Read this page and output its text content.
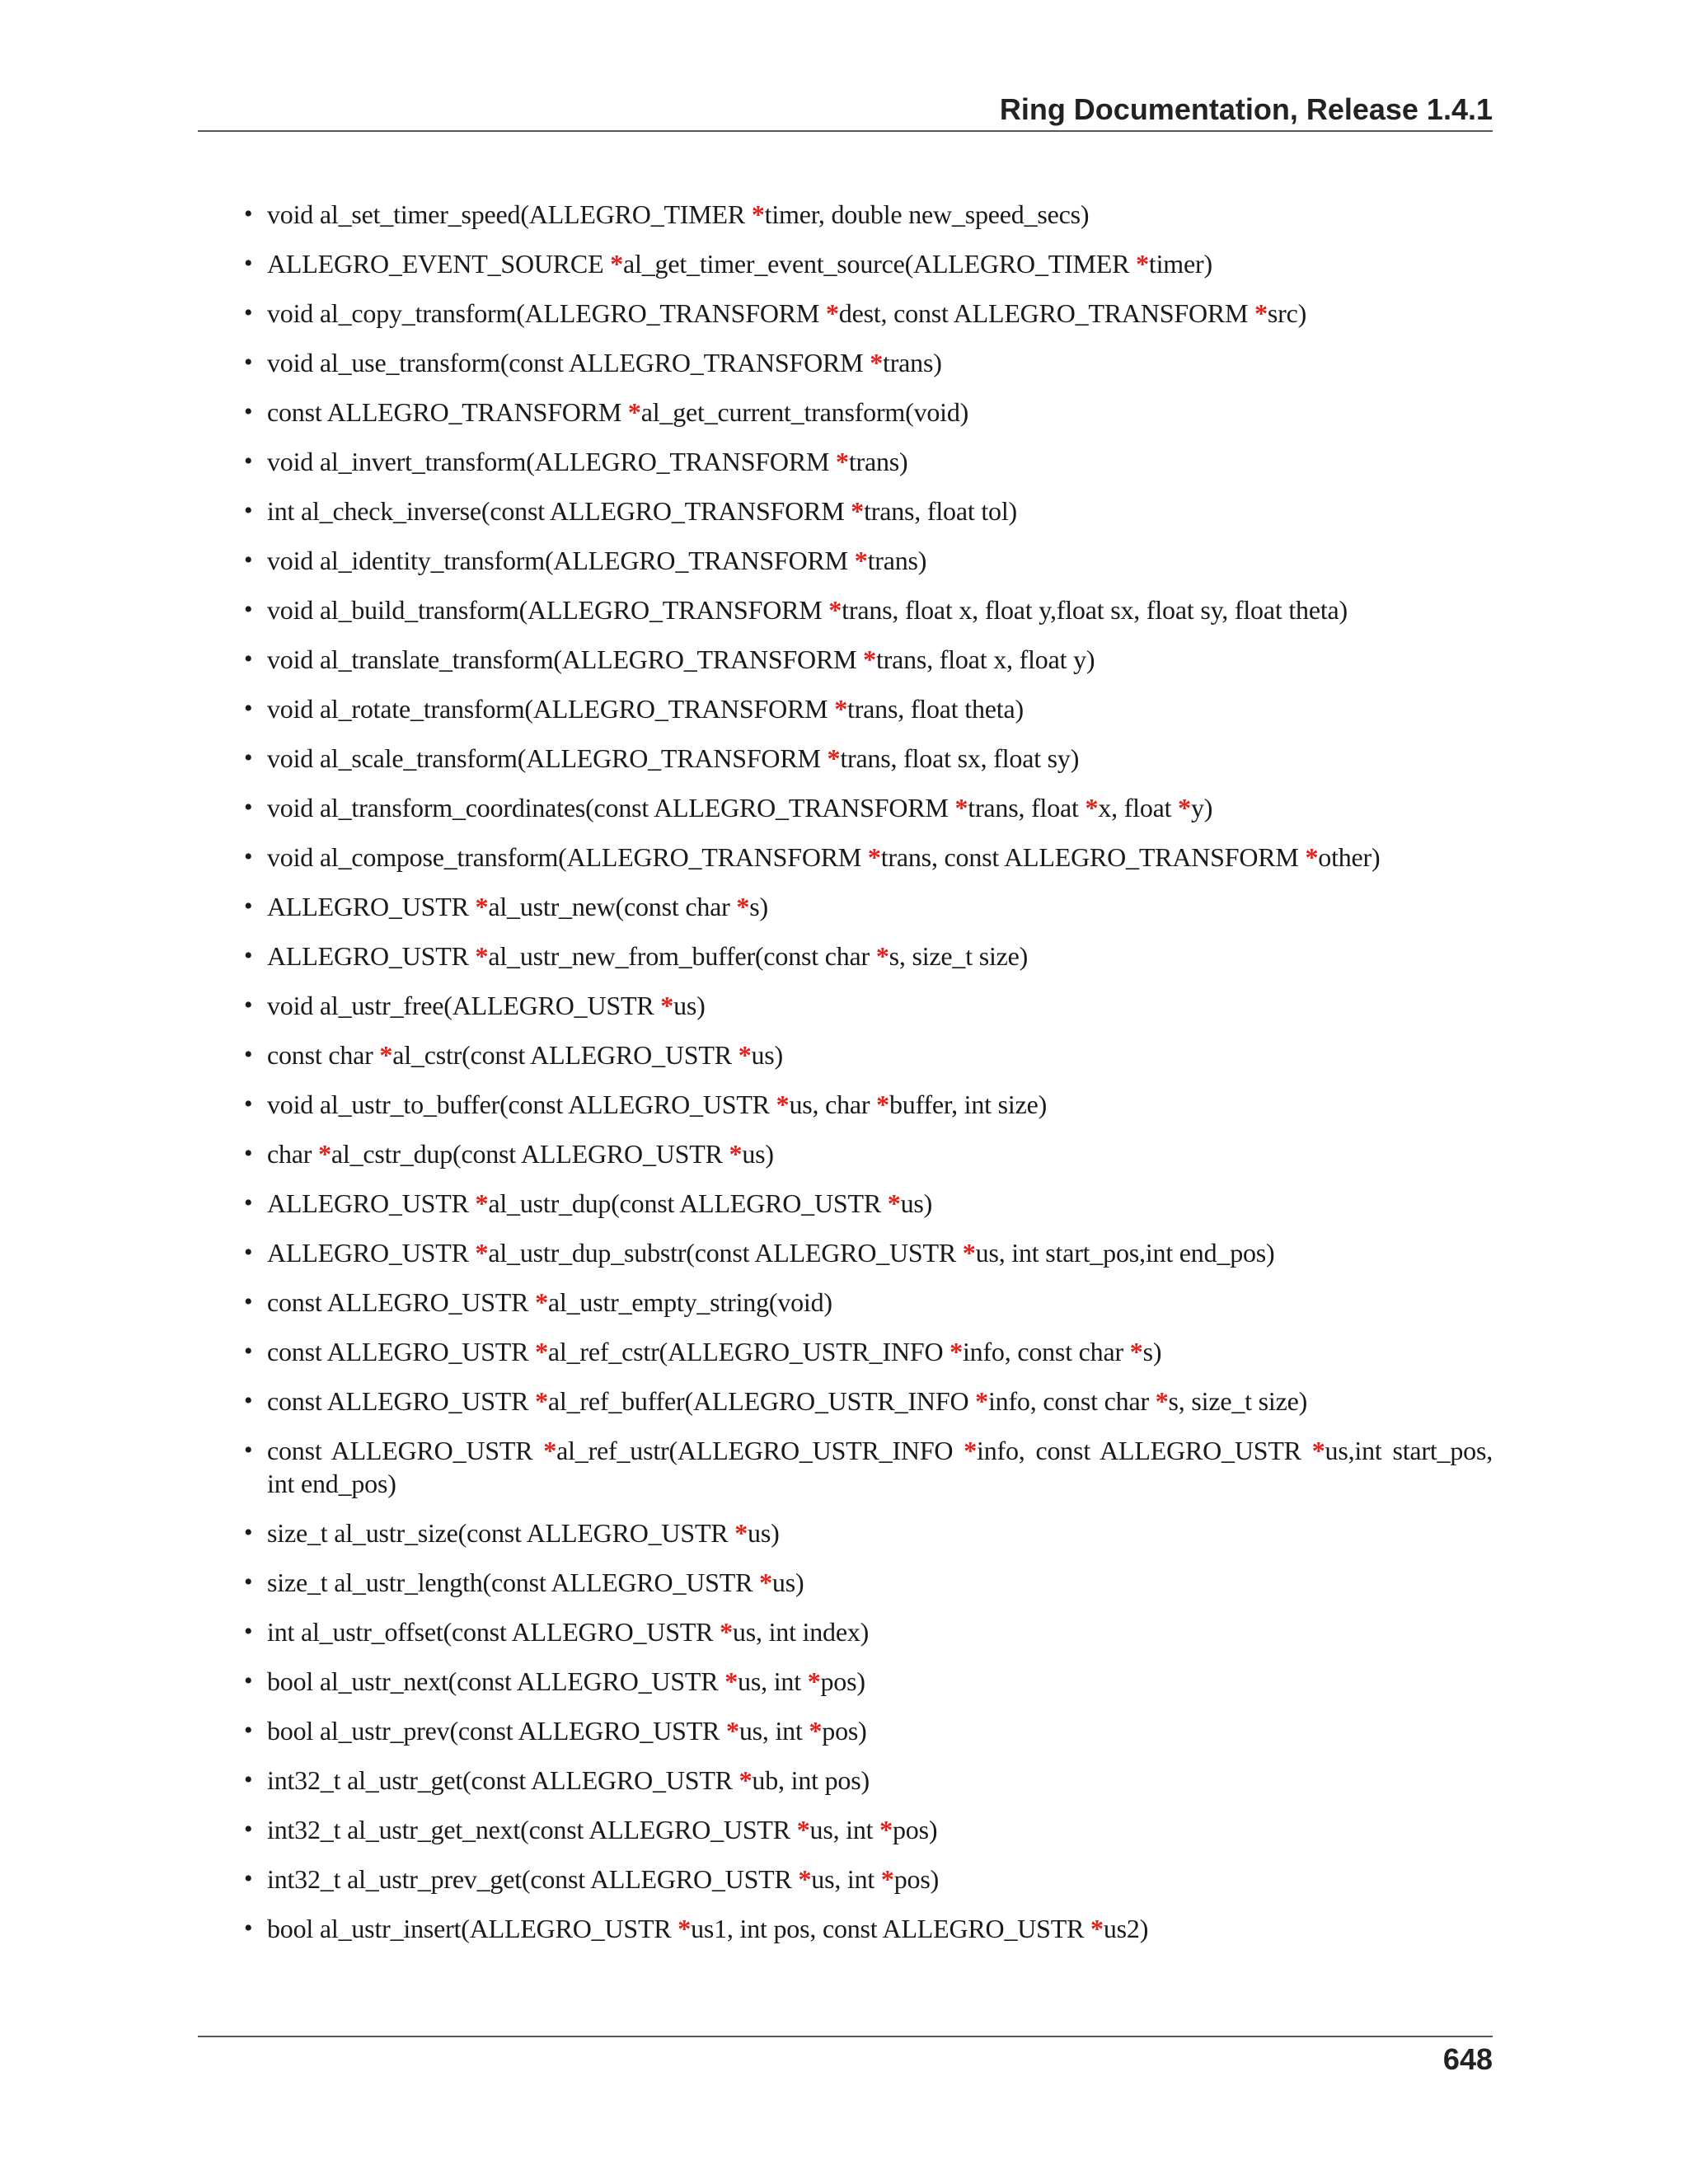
Ring Documentation, Release 1.4.1
• void al_set_timer_speed(ALLEGRO_TIMER *timer, double new_speed_secs)
• ALLEGRO_EVENT_SOURCE *al_get_timer_event_source(ALLEGRO_TIMER *timer)
• void al_copy_transform(ALLEGRO_TRANSFORM *dest, const ALLEGRO_TRANSFORM *src)
• void al_use_transform(const ALLEGRO_TRANSFORM *trans)
• const ALLEGRO_TRANSFORM *al_get_current_transform(void)
• void al_invert_transform(ALLEGRO_TRANSFORM *trans)
• int al_check_inverse(const ALLEGRO_TRANSFORM *trans, float tol)
• void al_identity_transform(ALLEGRO_TRANSFORM *trans)
• void al_build_transform(ALLEGRO_TRANSFORM *trans, float x, float y,float sx, float sy, float theta)
• void al_translate_transform(ALLEGRO_TRANSFORM *trans, float x, float y)
• void al_rotate_transform(ALLEGRO_TRANSFORM *trans, float theta)
• void al_scale_transform(ALLEGRO_TRANSFORM *trans, float sx, float sy)
• void al_transform_coordinates(const ALLEGRO_TRANSFORM *trans, float *x, float *y)
• void al_compose_transform(ALLEGRO_TRANSFORM *trans, const ALLEGRO_TRANSFORM *other)
• ALLEGRO_USTR *al_ustr_new(const char *s)
• ALLEGRO_USTR *al_ustr_new_from_buffer(const char *s, size_t size)
• void al_ustr_free(ALLEGRO_USTR *us)
• const char *al_cstr(const ALLEGRO_USTR *us)
• void al_ustr_to_buffer(const ALLEGRO_USTR *us, char *buffer, int size)
• char *al_cstr_dup(const ALLEGRO_USTR *us)
• ALLEGRO_USTR *al_ustr_dup(const ALLEGRO_USTR *us)
• ALLEGRO_USTR *al_ustr_dup_substr(const ALLEGRO_USTR *us, int start_pos,int end_pos)
• const ALLEGRO_USTR *al_ustr_empty_string(void)
• const ALLEGRO_USTR *al_ref_cstr(ALLEGRO_USTR_INFO *info, const char *s)
• const ALLEGRO_USTR *al_ref_buffer(ALLEGRO_USTR_INFO *info, const char *s, size_t size)
• const ALLEGRO_USTR *al_ref_ustr(ALLEGRO_USTR_INFO *info, const ALLEGRO_USTR *us,int start_pos, int end_pos)
• size_t al_ustr_size(const ALLEGRO_USTR *us)
• size_t al_ustr_length(const ALLEGRO_USTR *us)
• int al_ustr_offset(const ALLEGRO_USTR *us, int index)
• bool al_ustr_next(const ALLEGRO_USTR *us, int *pos)
• bool al_ustr_prev(const ALLEGRO_USTR *us, int *pos)
• int32_t al_ustr_get(const ALLEGRO_USTR *ub, int pos)
• int32_t al_ustr_get_next(const ALLEGRO_USTR *us, int *pos)
• int32_t al_ustr_prev_get(const ALLEGRO_USTR *us, int *pos)
• bool al_ustr_insert(ALLEGRO_USTR *us1, int pos, const ALLEGRO_USTR *us2)
648
